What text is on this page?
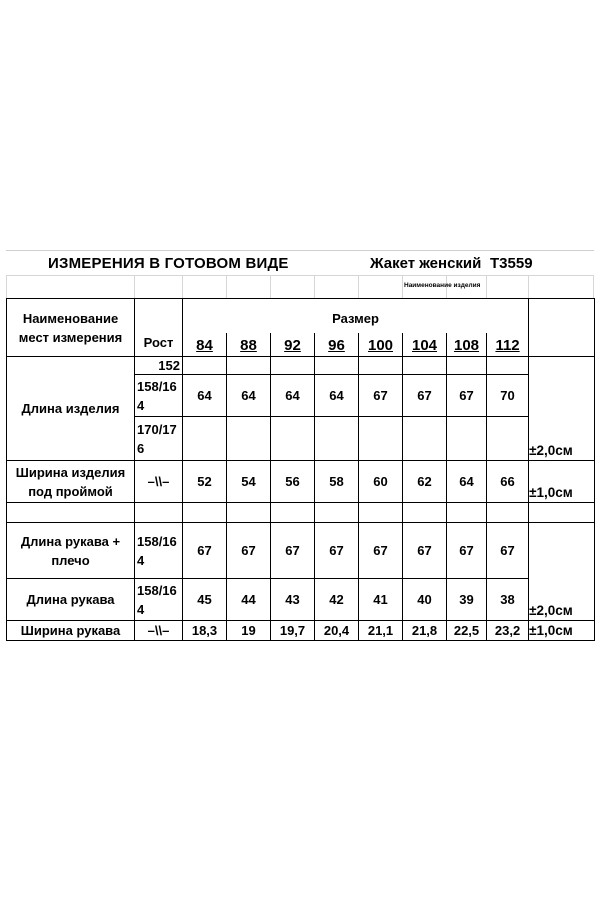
ИЗМЕРЕНИЯ В ГОТОВОМ ВИДЕ	Жакет женский Т3559
Наименование изделия
Наименование мест измерения	Рост	Размер								
		84	88	92	96	100	104	108	112	
Длина изделия	152									±2,0см
	158/164	64	64	64	64	67	67	67	70	
	170/176									
Ширина изделия под проймой	–\\–	52	54	56	58	60	62	64	66	±1,0см

Длина рукава + плечо	158/164	67	67	67	67	67	67	67	67	±2,0см
Длина рукава	158/164	45	44	43	42	41	40	39	38	
Ширина рукава	–\\–	18,3	19	19,7	20,4	21,1	21,8	22,5	23,2	±1,0см
